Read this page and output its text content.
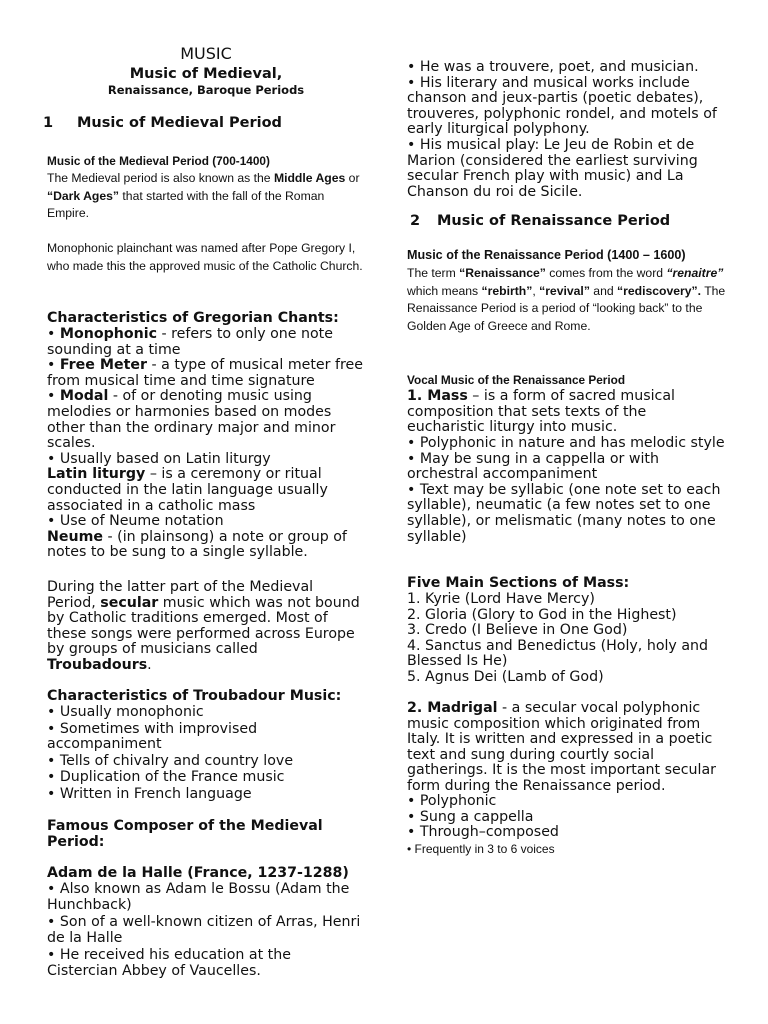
MUSIC
Music of Medieval,
Renaissance, Baroque Periods
1 Music of Medieval Period
Music of the Medieval Period (700-1400)

The Medieval period is also known as the Middle Ages or “Dark Ages” that started with the fall of the Roman Empire.

Monophonic plainchant was named after Pope Gregory I, who made this the approved music of the Catholic Church.

Characteristics of Gregorian Chants:
• Monophonic - refers to only one note sounding at a time
• Free Meter - a type of musical meter free from musical time and time signature
• Modal - of or denoting music using melodies or harmonies based on modes other than the ordinary major and minor scales.
• Usually based on Latin liturgy
Latin liturgy – is a ceremony or ritual conducted in the latin language usually associated in a catholic mass
• Use of Neume notation
Neume - (in plainsong) a note or group of notes to be sung to a single syllable.

During the latter part of the Medieval Period, secular music which was not bound by Catholic traditions emerged. Most of these songs were performed across Europe by groups of musicians called Troubadours.

Characteristics of Troubadour Music:
• Usually monophonic
• Sometimes with improvised accompaniment
• Tells of chivalry and country love
• Duplication of the France music
• Written in French language
Famous Composer of the Medieval Period:
Adam de la Halle (France, 1237-1288)
• Also known as Adam le Bossu (Adam the Hunchback)
• Son of a well-known citizen of Arras, Henri de la Halle
• He received his education at the Cistercian Abbey of Vaucelles.

• He was a trouvere, poet, and musician.
• His literary and musical works include chanson and jeux-partis (poetic debates), trouveres, polyphonic rondel, and motels of early liturgical polyphony.
• His musical play: Le Jeu de Robin et de Marion (considered the earliest surviving secular French play with music) and La Chanson du roi de Sicile.

2 Music of Renaissance Period
Music of the Renaissance Period (1400 – 1600)

The term “Renaissance” comes from the word “renaitre” which means “rebirth”, “revival” and “rediscovery”. The Renaissance Period is a period of “looking back” to the Golden Age of Greece and Rome.

Vocal Music of the Renaissance Period

1. Mass – is a form of sacred musical composition that sets texts of the eucharistic liturgy into music.

• Polyphonic in nature and has melodic style
• May be sung in a cappella or with orchestral accompaniment
• Text may be syllabic (one note set to each syllable), neumatic (a few notes set to one syllable), or melismatic (many notes to one syllable)
Five Main Sections of Mass:
1. Kyrie (Lord Have Mercy)
2. Gloria (Glory to God in the Highest)
3. Credo (I Believe in One God)
4. Sanctus and Benedictus (Holy, holy and Blessed Is He)
5. Agnus Dei (Lamb of God)

2. Madrigal - a secular vocal polyphonic music composition which originated from Italy. It is written and expressed in a poetic text and sung during courtly social gatherings. It is the most important secular form during the Renaissance period.

• Polyphonic
• Sung a cappella
• Through–composed
• Frequently in 3 to 6 voices
